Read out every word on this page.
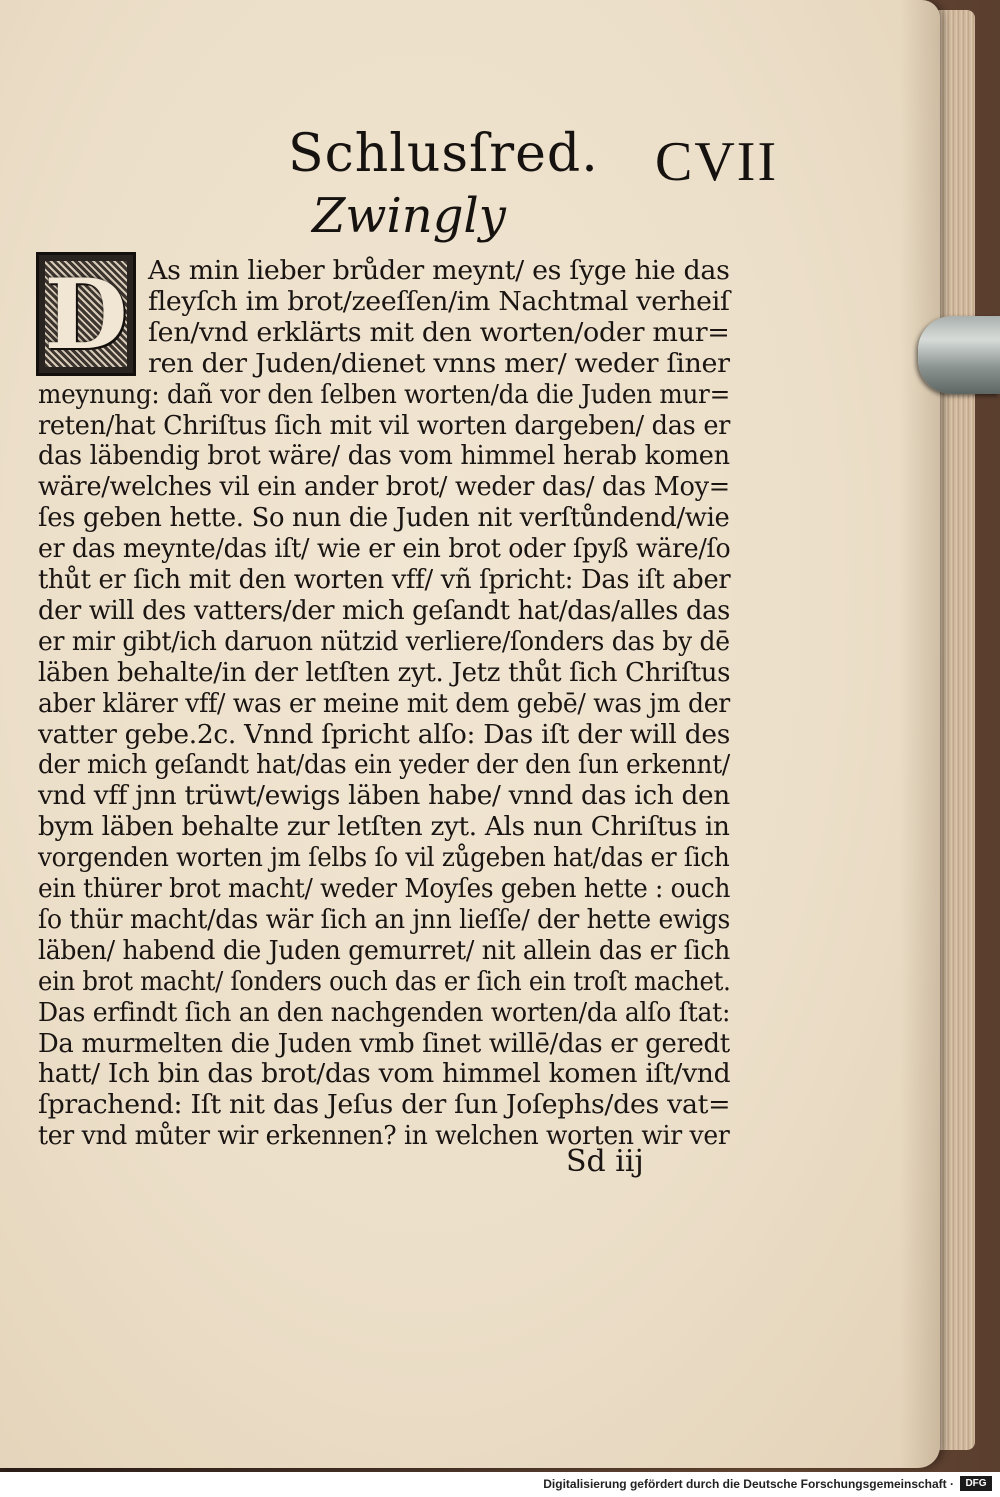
Schlusſred. CVII
Zwingly
D As min lieber brůder meynt/ es ſyge hie das
fleyſch im brot/zeeſſen/im Nachtmal verheiſ
ſen/vnd erklärts mit den worten/oder mur=
ren der Juden/dienet vnns mer/ weder ſiner
meynung: dañ vor den ſelben worten/da die Juden mur=
reten/hat Chriſtus ſich mit vil worten dargeben/ das er
das läbendig brot wäre/ das vom himmel herab komen
wäre/welches vil ein ander brot/ weder das/ das Moy=
ſes geben hette. So nun die Juden nit verſtůndend/wie
er das meynte/das iſt/ wie er ein brot oder ſpyß wäre/ſo
thůt er ſich mit den worten vff/ vñ ſpricht: Das iſt aber
der will des vatters/der mich geſandt hat/das/alles das
er mir gibt/ich daruon nützid verliere/ſonders das by dē
läben behalte/in der letſten zyt. Jetz thůt ſich Chriſtus
aber klärer vff/ was er meine mit dem gebē/ was jm der
vatter gebe.2c. Vnnd ſpricht alſo: Das iſt der will des
der mich geſandt hat/das ein yeder der den ſun erkennt/
vnd vff jnn trüwt/ewigs läben habe/ vnnd das ich den
bym läben behalte zur letſten zyt. Als nun Chriſtus in
vorgenden worten jm ſelbs ſo vil zůgeben hat/das er ſich
ein thürer brot macht/ weder Moyſes geben hette : ouch
ſo thür macht/das wär ſich an jnn lieſſe/ der hette ewigs
läben/ habend die Juden gemurret/ nit allein das er ſich
ein brot macht/ ſonders ouch das er ſich ein troſt machet.
Das erfindt ſich an den nachgenden worten/da alſo ſtat:
Da murmelten die Juden vmb ſinet willē/das er geredt
hatt/ Ich bin das brot/das vom himmel komen iſt/vnd
ſprachend: Iſt nit das Jeſus der ſun Joſephs/des vat=
ter vnd můter wir erkennen? in welchen worten wir ver
Sd iij
Digitalisierung gefördert durch die Deutsche Forschungsgemeinschaft ·	DFG
